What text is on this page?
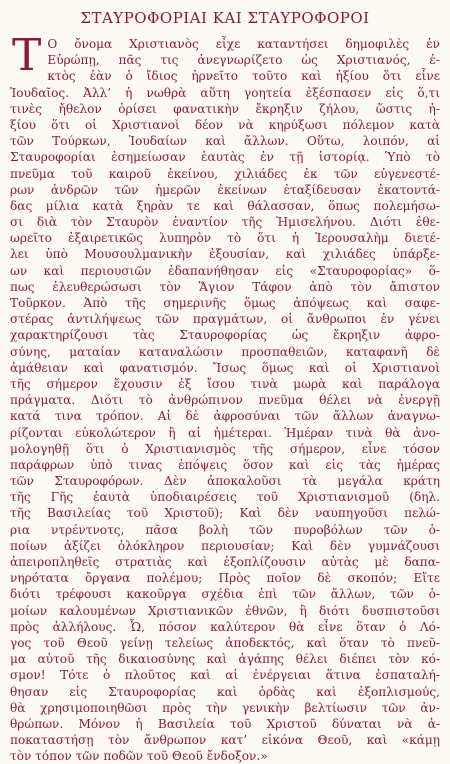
ΣΤΑΥΡΟΦΟΡΙΑΙ ΚΑΙ ΣΤΑΥΡΟΦΟΡΟΙ
Τ Ο ὄνομα Χριστιανὸς εἶχε καταντήσει δημοφιλὲς ἐν
Εὐρώπῃ, πᾶς τις ἀνεγνωρίζετο ὡς Χριστιανός, ἐ-
κτὸς ἐὰν ὁ ἴδιος ἠρνεῖτο τοῦτο καὶ ἠξίου ὅτι εἶνε
Ἰουδαῖος. Ἀλλ’ ἡ νωθρὰ αὕτη γοητεία ἐξέσπασεν εἰς ὅ,τι
τινὲς ἤθελον ὁρίσει φανατικὴν ἔκρηξιν ζήλου, ὥστις ἠ-
ξίου ὅτι οἱ Χριστιανοὶ δέον νὰ κηρύξωσι πόλεμον κατὰ
τῶν Τούρκων, Ἰουδαίων καὶ ἄλλων. Οὕτω, λοιπόν, αἱ
Σταυροφορίαι ἐσημείωσαν ἑαυτὰς ἐν τῇ ἱστορίᾳ. Ὑπὸ τὸ
πνεῦμα τοῦ καιροῦ ἐκείνου, χιλιάδες ἐκ τῶν εὐγενεστέ-
ρων ἀνδρῶν τῶν ἡμερῶν ἐκείνων ἐταξίδευσαν ἑκατοντά-
δας μίλια κατὰ ξηρὰν τε καὶ θάλασσαν, ὅπως πολεμήσω-
σι διὰ τὸν Σταυρὸν ἐναντίον τῆς Ἡμισελήνου. Διότι ἐθε-
ωρεῖτο ἐξαιρετικῶς λυπηρὸν τὸ ὅτι ἡ Ἱερουσαλὴμ διετέ-
λει ὑπὸ Μουσουλμανικὴν ἐξουσίαν, καὶ χιλιάδες ὑπάρξε-
ων καὶ περιουσιῶν ἐδαπανήθησαν εἰς «Σταυροφορίας» ὅ-
πως ἐλευθερώσωσι τὸν Ἅγιον Τάφον ἀπὸ τὸν ἄπιστον
Τοῦρκον. Ἀπὸ τῆς σημερινῆς ὅμως ἀπόψεως καὶ σαφε-
στέρας ἀντιλήψεως τῶν πραγμάτων, οἱ ἄνθρωποι ἐν γένει
χαρακτηρίζουσι τὰς Σταυροφορίας ὡς ἔκρηξιν ἀφρο-
σύνης, ματαίαν καταναλώσιν προσπαθειῶν, καταφανῆ δὲ
ἀμάθειαν καὶ φανατισμόν. Ἴσως ὅμως καὶ οἱ Χριστιανοὶ
τῆς σήμερον ἔχουσιν ἐξ ἴσου τινὰ μωρὰ καὶ παράλογα
πράγματα. Διότι τὸ ἀνθρώπινον πνεῦμα θέλει νὰ ἐνεργῇ
κατά τινα τρόπον. Αἱ δὲ ἀφροσύναι τῶν ἄλλων ἀναγνω-
ρίζονται εὐκολώτερον ἢ αἱ ἡμέτεραι. Ἡμέραν τινὰ θὰ ἀνο-
μολογηθῇ ὅτι ὁ Χριστιανισμὸς τῆς σήμερον, εἶνε τόσον
παράφρων ὑπὸ τινας ἐπόψεις ὅσον καὶ εἰς τὰς ἡμέρας
τῶν Σταυροφόρων. Δὲν ἀποκαλοῦσι τὰ μεγάλα κράτη
τῆς Γῆς ἑαυτὰ ὑποδιαιρέσεις τοῦ Χριστιανισμοῦ (δηλ.
τῆς Βασιλείας τοῦ Χριστοῦ); Καὶ δὲν ναυπηγοῦσι πελώ-
ρια ντρέντνοτς, πᾶσα βολὴ τῶν πυροβόλων τῶν ὁ-
ποίων ἀξίζει ὁλόκληρον περιουσίαν; Καὶ δὲν γυμνάζουσι
ἀπειροπληθεῖς στρατιὰς καὶ ἐξοπλίζουσιν αὐτὰς μὲ δαπα-
νηρότατα ὄργανα πολέμου; Πρὸς ποῖον δὲ σκοπόν; Εἴτε
διότι τρέφουσι κακοῦργα σχέδια ἐπὶ τῶν ἄλλων, τῶν ὁ-
μοίων καλουμένων Χριστιανικῶν ἐθνῶν, ἢ διότι δυσπιστοῦσι
πρὸς ἀλλήλους. Ὦ, πόσον καλύτερον θὰ εἶνε ὅταν ὁ Λό-
γος τοῦ Θεοῦ γείνῃ τελείως ἀποδεκτός, καὶ ὅταν τὸ πνεῦ-
μα αὐτοῦ τῆς δικαιοσύνης καὶ ἀγάπης θέλει διέπει τὸν κό-
σμον! Τότε ὁ πλοῦτος καὶ αἱ ἐνέργειαι ἅτινα ἐσπαταλή-
θησαν εἰς Σταυροφορίας καὶ ὁρδὰς καὶ ἐξοπλισμούς,
θὰ χρησιμοποιηθῶσι πρὸς τὴν γενικὴν βελτίωσιν τῶν ἀν-
θρώπων. Μόνον ἡ Βασιλεία τοῦ Χριστοῦ δύναται νὰ ἀ-
ποκαταστήσῃ τὸν ἄνθρωπον κατ’ εἰκόνα Θεοῦ, καὶ «κάμῃ
τὸν τόπον τῶν ποδῶν τοῦ Θεοῦ ἔνδοξον.»
